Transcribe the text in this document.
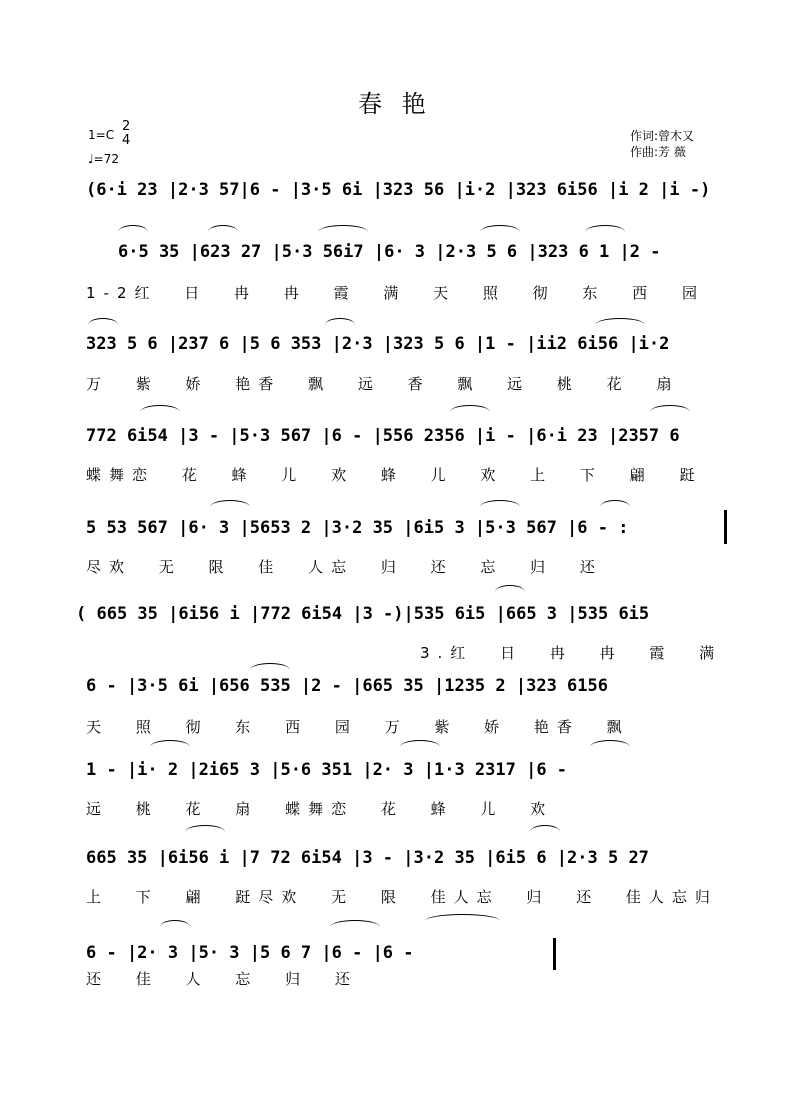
春 艳
1=C
2
4
♩=72
作词:曾木又
作曲:芳 薇
(6·i 23 |2·3 57|6 - |3·5 6i |323 56 |i·2 |323 6i56 |i 2 |i -)
6·5 35 |623 27 |5·3 56i7 |6· 3 |2·3 5 6 |323 6 1 |2 -
1-2红 日 冉 冉 霞 满 天 照 彻 东 西 园
323 5 6 |237 6 |5 6 353 |2·3 |323 5 6 |1 - |ii2 6i56 |i·2
万 紫 娇 艳香 飘 远 香 飘 远 桃 花 扇
772 6i54 |3 - |5·3 567 |6 - |556 2356 |i - |6·i 23 |2357 6
蝶舞恋 花 蜂 儿 欢 蜂 儿 欢 上 下 翩 跹
5 53 567 |6· 3 |5653 2 |3·2 35 |6i5 3 |5·3 567 |6 - :
尽欢 无 限 佳 人忘 归 还 忘 归 还
( 665 35 |6i56 i |772 6i54 |3 -)|535 6i5 |665 3 |535 6i5
3.红 日 冉 冉 霞 满
6 - |3·5 6i |656 535 |2 - |665 35 |1235 2 |323 6156
天 照 彻 东 西 园 万 紫 娇 艳香 飘
1 - |i· 2 |2i65 3 |5·6 351 |2· 3 |1·3 2317 |6 -
远 桃 花 扇 蝶舞恋 花 蜂 儿 欢
665 35 |6i56 i |7 72 6i54 |3 - |3·2 35 |6i5 6 |2·3 5 27
上 下 翩 跹尽欢 无 限 佳人忘 归 还 佳人忘归
6 - |2· 3 |5· 3 |5 6 7 |6 - |6 -
还 佳 人 忘 归 还
